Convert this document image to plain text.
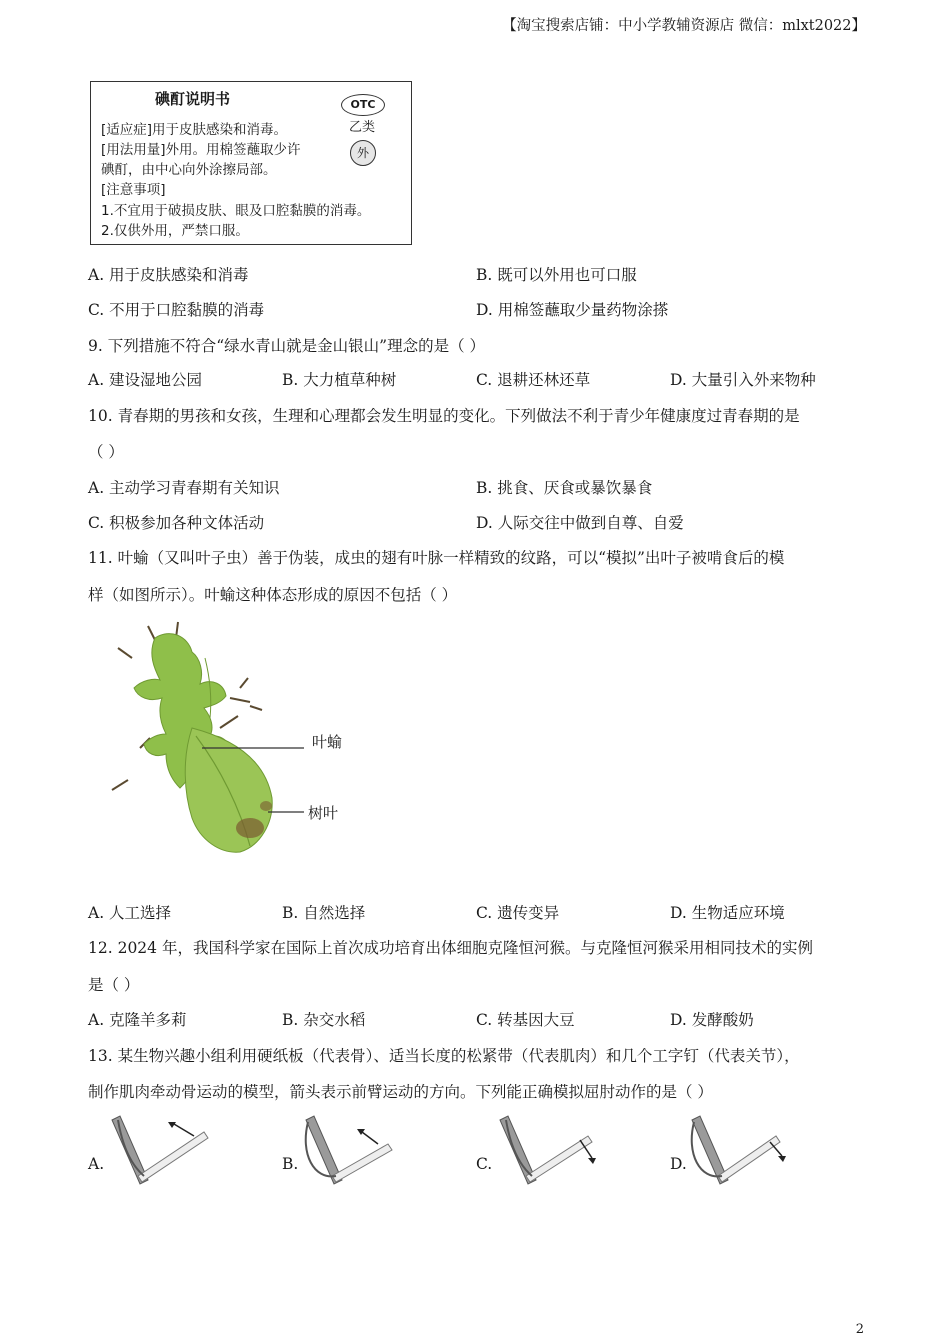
【淘宝搜索店铺：中小学教辅资源店 微信：mlxt2022】
碘酊说明书	OTC
乙类
外
[适应症]用于皮肤感染和消毒。
[用法用量]外用。用棉签蘸取少许
碘酊，由中心向外涂擦局部。
[注意事项]
1.不宜用于破损皮肤、眼及口腔黏膜的消毒。
2.仅供外用，严禁口服。
A. 用于皮肤感染和消毒	B. 既可以外用也可口服
C. 不用于口腔黏膜的消毒	D. 用棉签蘸取少量药物涂搽
9. 下列措施不符合“绿水青山就是金山银山”理念的是（ ）
A. 建设湿地公园	B. 大力植草种树	C. 退耕还林还草	D. 大量引入外来物种
10. 青春期的男孩和女孩，生理和心理都会发生明显的变化。下列做法不利于青少年健康度过青春期的是
（ ）
A. 主动学习青春期有关知识	B. 挑食、厌食或暴饮暴食
C. 积极参加各种文体活动	D. 人际交往中做到自尊、自爱
11. 叶蝓（又叫叶子虫）善于伪装，成虫的翅有叶脉一样精致的纹路，可以“模拟”出叶子被啃食后的模
样（如图所示）。叶蝓这种体态形成的原因不包括（ ）
叶蝓
树叶
A. 人工选择	B. 自然选择	C. 遗传变异	D. 生物适应环境
12. 2024 年，我国科学家在国际上首次成功培育出体细胞克隆恒河猴。与克隆恒河猴采用相同技术的实例
是（ ）
A. 克隆羊多莉	B. 杂交水稻	C. 转基因大豆	D. 发酵酸奶
13. 某生物兴趣小组利用硬纸板（代表骨）、适当长度的松紧带（代表肌肉）和几个工字钉（代表关节），
制作肌肉牵动骨运动的模型，箭头表示前臂运动的方向。下列能正确模拟屈肘动作的是（ ）
A.	B.	C.	D.
2
